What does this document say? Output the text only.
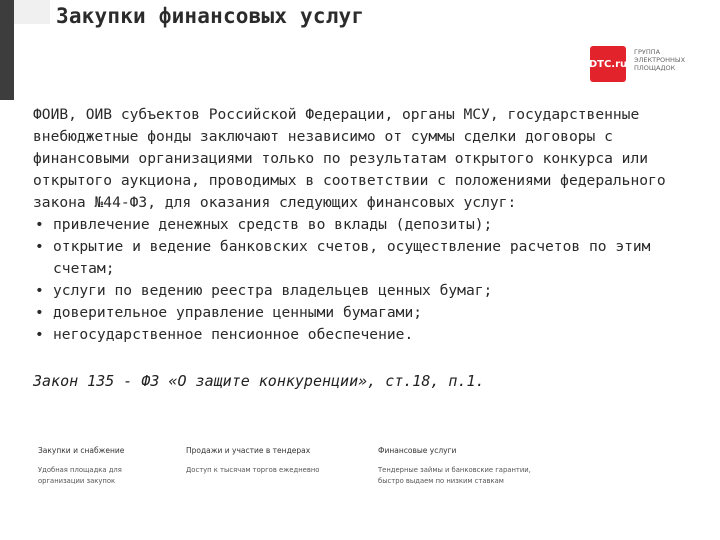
Закупки финансовых услуг
DTC.ru
ГРУППА
ЭЛЕКТРОННЫХ
ПЛОЩАДОК
ФОИВ, ОИВ субъектов Российской Федерации, органы МСУ, государственные
внебюджетные фонды заключают независимо от суммы сделки договоры с
финансовыми организациями только по результатам открытого конкурса или
открытого аукциона, проводимых в соответствии с положениями федерального
закона №44-ФЗ, для оказания следующих финансовых услуг:
• привлечение денежных средств во вклады (депозиты);
• открытие и ведение банковских счетов, осуществление расчетов по этим
счетам;
• услуги по ведению реестра владельцев ценных бумаг;
• доверительное управление ценными бумагами;
• негосударственное пенсионное обеспечение.
Закон 135 - ФЗ «О защите конкуренции», ст.18, п.1.
Закупки и снабжение
Удобная площадка для
организации закупок
Продажи и участие в тендерах
Доступ к тысячам торгов ежедневно
Финансовые услуги
Тендерные займы и банковские гарантии,
быстро выдаем по низким ставкам
